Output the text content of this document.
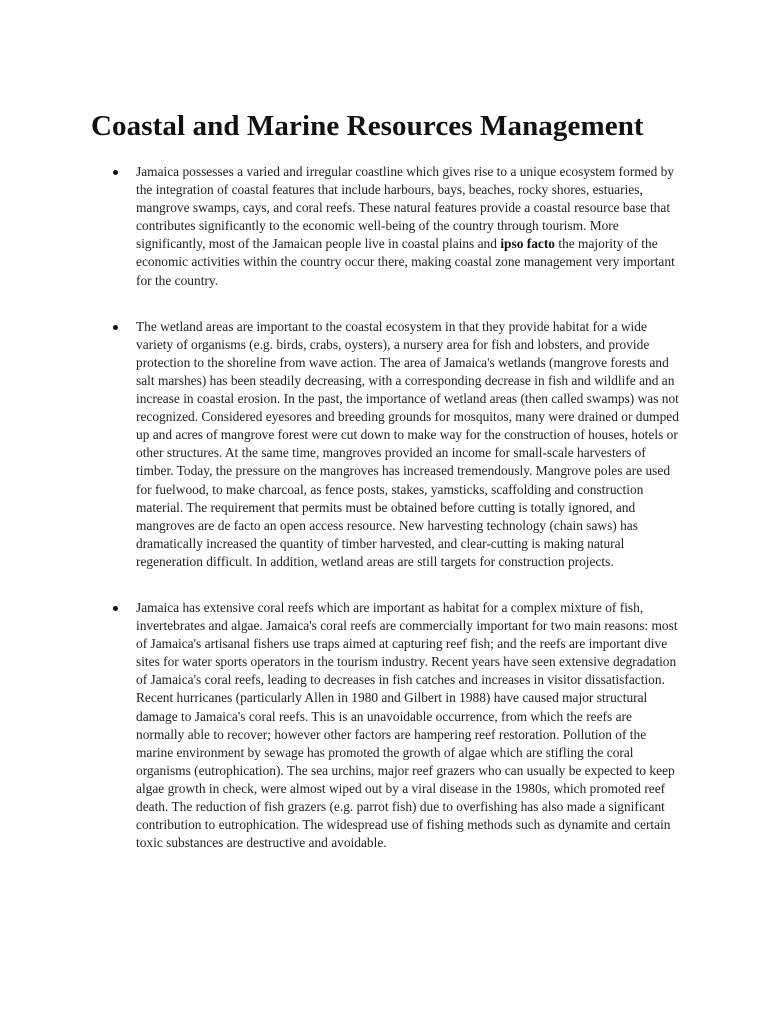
Coastal and Marine Resources Management
Jamaica possesses a varied and irregular coastline which gives rise to a unique ecosystem formed by the integration of coastal features that include harbours, bays, beaches, rocky shores, estuaries, mangrove swamps, cays, and coral reefs. These natural features provide a coastal resource base that contributes significantly to the economic well-being of the country through tourism. More significantly, most of the Jamaican people live in coastal plains and ipso facto the majority of the economic activities within the country occur there, making coastal zone management very important for the country.
The wetland areas are important to the coastal ecosystem in that they provide habitat for a wide variety of organisms (e.g. birds, crabs, oysters), a nursery area for fish and lobsters, and provide protection to the shoreline from wave action. The area of Jamaica's wetlands (mangrove forests and salt marshes) has been steadily decreasing, with a corresponding decrease in fish and wildlife and an increase in coastal erosion. In the past, the importance of wetland areas (then called swamps) was not recognized. Considered eyesores and breeding grounds for mosquitos, many were drained or dumped up and acres of mangrove forest were cut down to make way for the construction of houses, hotels or other structures. At the same time, mangroves provided an income for small-scale harvesters of timber. Today, the pressure on the mangroves has increased tremendously. Mangrove poles are used for fuelwood, to make charcoal, as fence posts, stakes, yamsticks, scaffolding and construction material. The requirement that permits must be obtained before cutting is totally ignored, and mangroves are de facto an open access resource. New harvesting technology (chain saws) has dramatically increased the quantity of timber harvested, and clear-cutting is making natural regeneration difficult. In addition, wetland areas are still targets for construction projects.
Jamaica has extensive coral reefs which are important as habitat for a complex mixture of fish, invertebrates and algae. Jamaica's coral reefs are commercially important for two main reasons: most of Jamaica's artisanal fishers use traps aimed at capturing reef fish; and the reefs are important dive sites for water sports operators in the tourism industry. Recent years have seen extensive degradation of Jamaica's coral reefs, leading to decreases in fish catches and increases in visitor dissatisfaction. Recent hurricanes (particularly Allen in 1980 and Gilbert in 1988) have caused major structural damage to Jamaica's coral reefs. This is an unavoidable occurrence, from which the reefs are normally able to recover; however other factors are hampering reef restoration. Pollution of the marine environment by sewage has promoted the growth of algae which are stifling the coral organisms (eutrophication). The sea urchins, major reef grazers who can usually be expected to keep algae growth in check, were almost wiped out by a viral disease in the 1980s, which promoted reef death. The reduction of fish grazers (e.g. parrot fish) due to overfishing has also made a significant contribution to eutrophication. The widespread use of fishing methods such as dynamite and certain toxic substances are destructive and avoidable.
